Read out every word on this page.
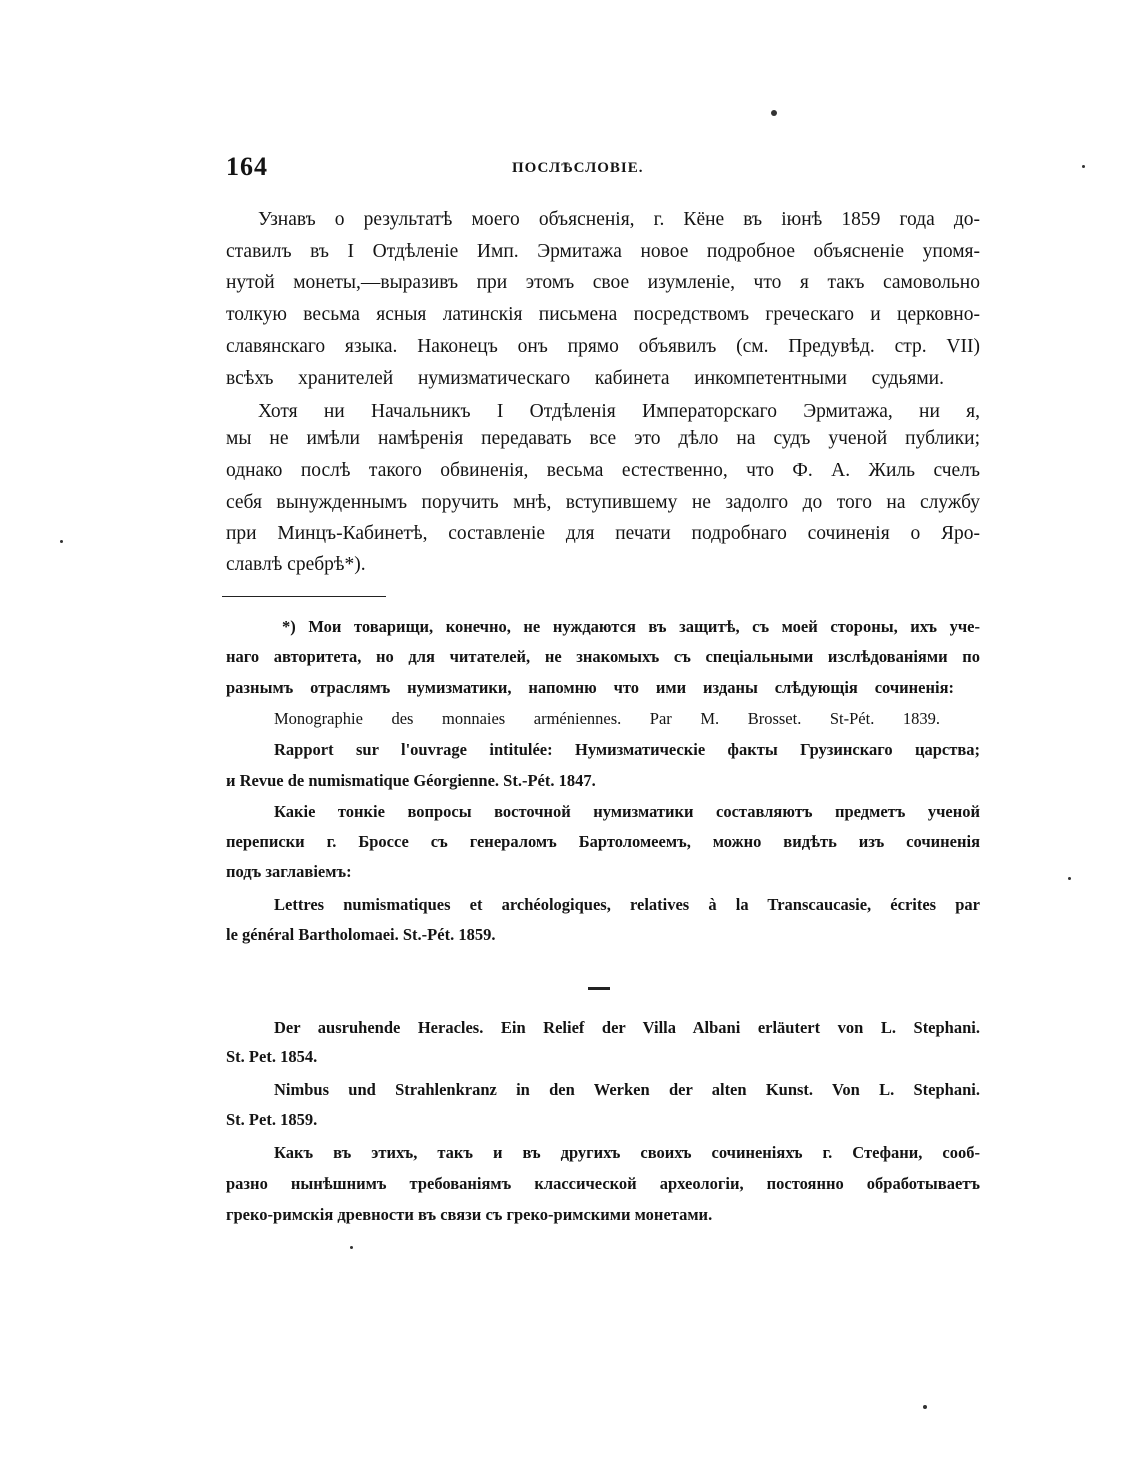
164	ПОСЛѢСЛОВІЕ.
Узнавъ о результатѣ моего объясненія, г. Кёне въ іюнѣ 1859 года до-
ставилъ въ I Отдѣленіе Имп. Эрмитажа новое подробное объясненіе упомя-
нутой монеты,—выразивъ при этомъ свое изумленіе, что я такъ самовольно
толкую весьма ясныя латинскія письмена посредствомъ греческаго и церковно-
славянскаго языка. Наконецъ онъ прямо объявилъ (см. Предувѣд. стр. VII)
всѣхъ хранителей нумизматическаго кабинета инкомпетентными судьями.
Хотя ни Начальникъ I Отдѣленія Императорскаго Эрмитажа, ни я,
мы не имѣли намѣренія передавать все это дѣло на судъ ученой публики;
однако послѣ такого обвиненія, весьма естественно, что Ф. А. Жиль счелъ
себя вынужденнымъ поручить мнѣ, вступившему не задолго до того на службу
при Минцъ-Кабинетѣ, составленіе для печати подробнаго сочиненія о Яро-
славлѣ сребрѣ*).
*) Мои товарищи, конечно, не нуждаются въ защитѣ, съ моей стороны, ихъ уче-
наго авторитета, но для читателей, не знакомыхъ съ спеціальными изслѣдованіями по
разнымъ отраслямъ нумизматики, напомню что ими изданы слѣдующія сочиненія:
Monographie des monnaies arméniennes. Par M. Brosset. St-Pét. 1839.
Rapport sur l'ouvrage intitulée: Нумизматическіе факты Грузинскаго царства;
и Revue de numismatique Géorgienne. St.-Pét. 1847.
Какіе тонкіе вопросы восточной нумизматики составляютъ предметъ ученой
переписки г. Броссе съ генераломъ Бартоломеемъ, можно видѣть изъ сочиненія
подъ заглавіемъ:
Lettres numismatiques et archéologiques, relatives à la Transcaucasie, écrites par
le général Bartholomaei. St.-Pét. 1859.
Der ausruhende Heracles. Ein Relief der Villa Albani erläutert von L. Stephani.
St. Pet. 1854.
Nimbus und Strahlenkranz in den Werken der alten Kunst. Von L. Stephani.
St. Pet. 1859.
Какъ въ этихъ, такъ и въ другихъ своихъ сочиненіяхъ г. Стефани, сооб-
разно нынѣшнимъ требованіямъ классической археологіи, постоянно обработываетъ
греко-римскія древности въ связи съ греко-римскими монетами.
